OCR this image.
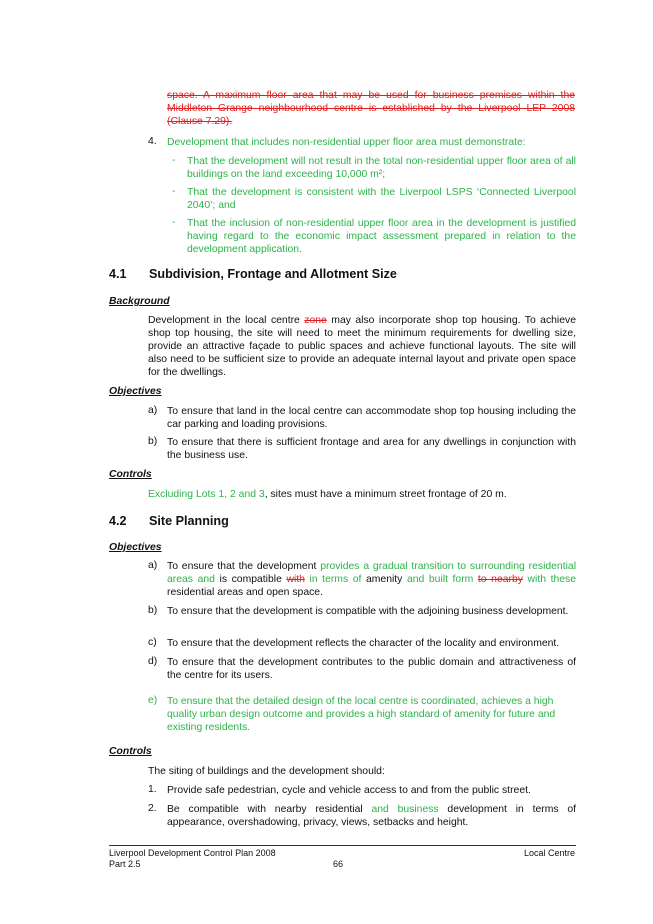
space. A maximum floor area that may be used for business premises within the Middleton Grange neighbourhood centre is established by the Liverpool LEP 2008 (Clause 7.29).
4. Development that includes non-residential upper floor area must demonstrate:
- That the development will not result in the total non-residential upper floor area of all buildings on the land exceeding 10,000 m²;
- That the development is consistent with the Liverpool LSPS ‘Connected Liverpool 2040’; and
- That the inclusion of non-residential upper floor area in the development is justified having regard to the economic impact assessment prepared in relation to the development application.
4.1 Subdivision, Frontage and Allotment Size
Background
Development in the local centre zone may also incorporate shop top housing. To achieve shop top housing, the site will need to meet the minimum requirements for dwelling size, provide an attractive façade to public spaces and achieve functional layouts. The site will also need to be sufficient size to provide an adequate internal layout and private open space for the dwellings.
Objectives
a) To ensure that land in the local centre can accommodate shop top housing including the car parking and loading provisions.
b) To ensure that there is sufficient frontage and area for any dwellings in conjunction with the business use.
Controls
Excluding Lots 1, 2 and 3, sites must have a minimum street frontage of 20 m.
4.2 Site Planning
Objectives
a) To ensure that the development provides a gradual transition to surrounding residential areas and is compatible with in terms of amenity and built form to nearby with these residential areas and open space.
b) To ensure that the development is compatible with the adjoining business development.
c) To ensure that the development reflects the character of the locality and environment.
d) To ensure that the development contributes to the public domain and attractiveness of the centre for its users.
e) To ensure that the detailed design of the local centre is coordinated, achieves a high quality urban design outcome and provides a high standard of amenity for future and existing residents.
Controls
The siting of buildings and the development should:
1. Provide safe pedestrian, cycle and vehicle access to and from the public street.
2. Be compatible with nearby residential and business development in terms of appearance, overshadowing, privacy, views, setbacks and height.
Liverpool Development Control Plan 2008
Part 2.5	66
Local Centre
